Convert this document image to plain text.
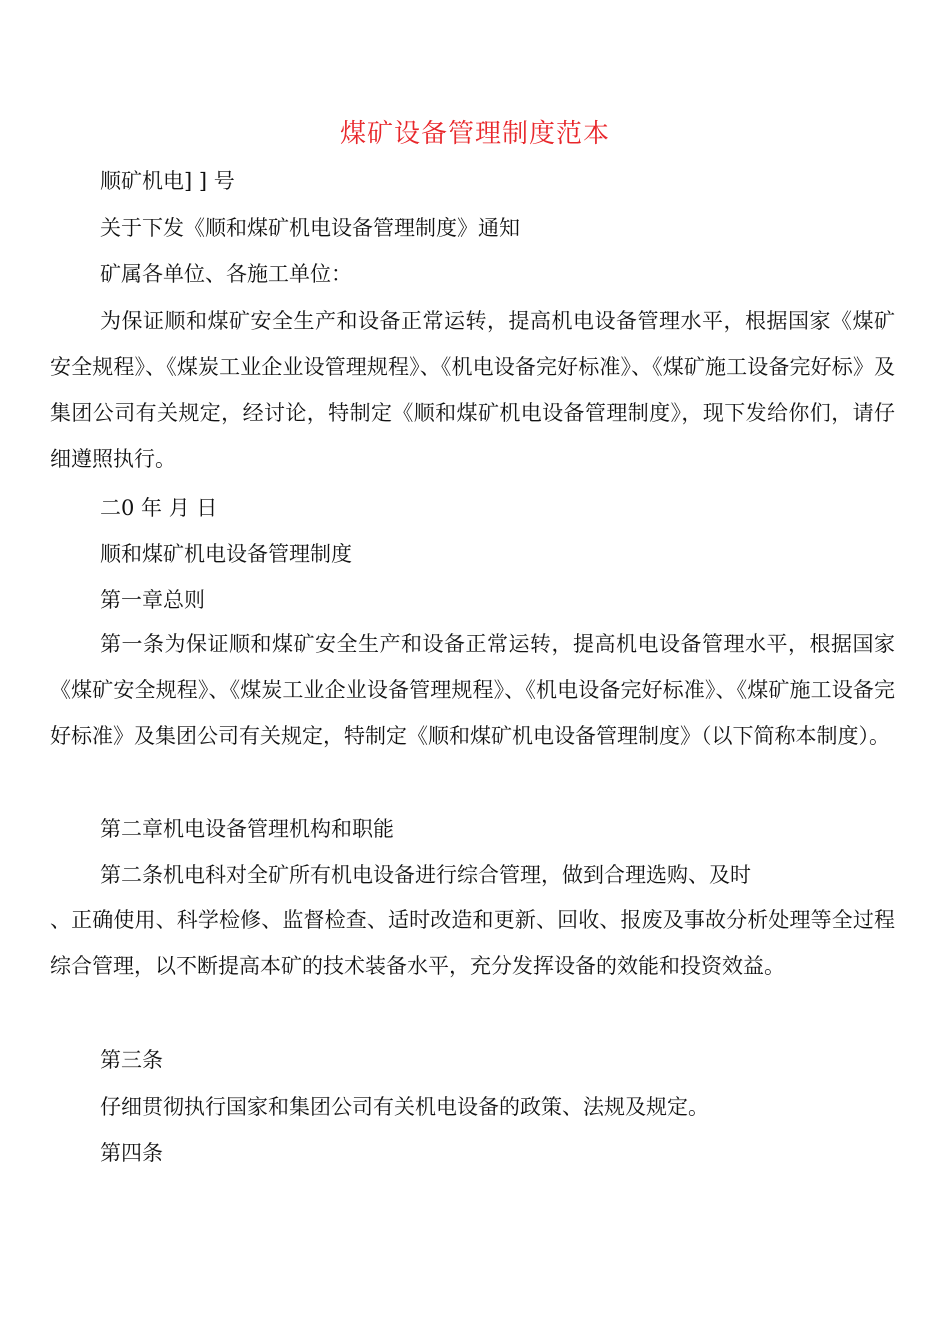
煤矿设备管理制度范本
顺矿机电] ] 号
关于下发《顺和煤矿机电设备管理制度》通知
矿属各单位、各施工单位：
为保证顺和煤矿安全生产和设备正常运转，提高机电设备管理水平，根据国家《煤矿安全规程》、《煤炭工业企业设管理规程》、《机电设备完好标准》、《煤矿施工设备完好标》及集团公司有关规定，经讨论，特制定《顺和煤矿机电设备管理制度》，现下发给你们，请仔细遵照执行。
二0 年 月 日
顺和煤矿机电设备管理制度
第一章总则
第一条为保证顺和煤矿安全生产和设备正常运转，提高机电设备管理水平，根据国家《煤矿安全规程》、《煤炭工业企业设备管理规程》、《机电设备完好标准》、《煤矿施工设备完好标准》及集团公司有关规定，特制定《顺和煤矿机电设备管理制度》（以下简称本制度）。
第二章机电设备管理机构和职能
第二条机电科对全矿所有机电设备进行综合管理，做到合理选购、及时
、正确使用、科学检修、监督检查、适时改造和更新、回收、报废及事故分析处理等全过程综合管理，以不断提高本矿的技术装备水平，充分发挥设备的效能和投资效益。
第三条
仔细贯彻执行国家和集团公司有关机电设备的政策、法规及规定。
第四条
